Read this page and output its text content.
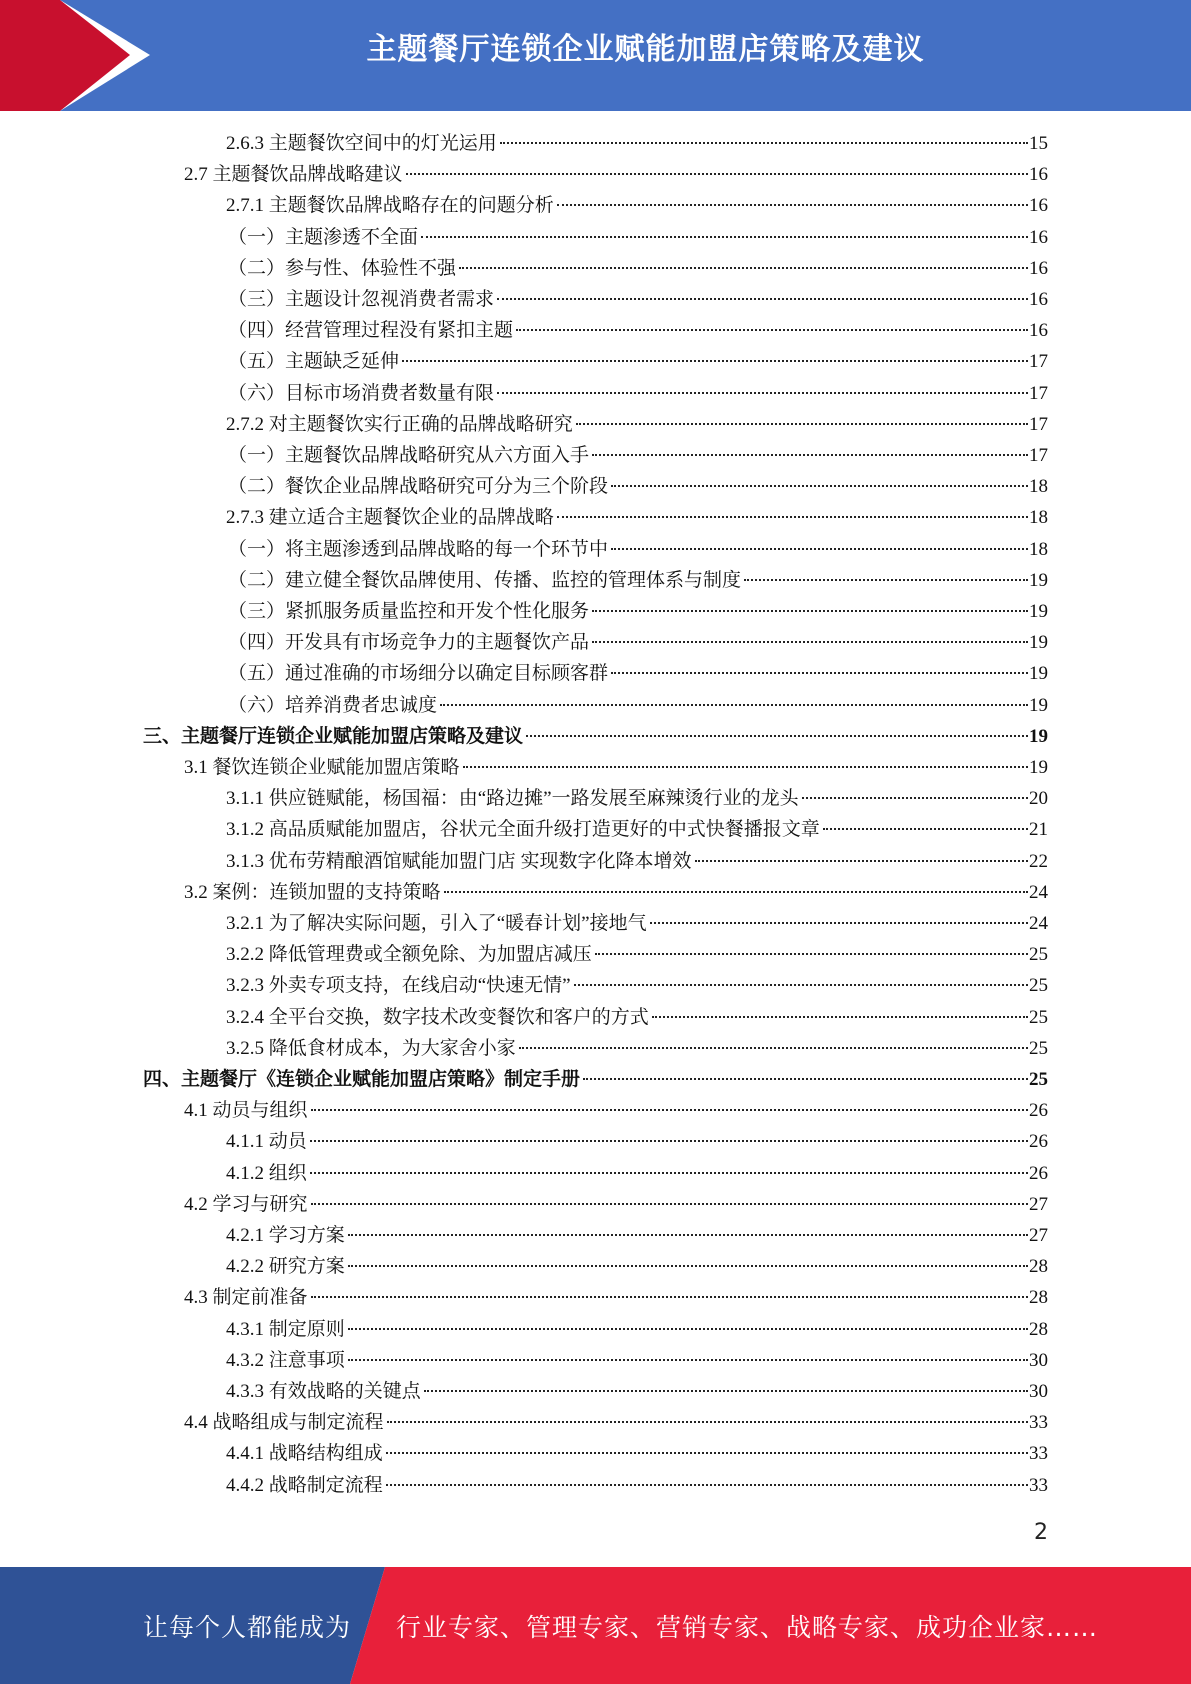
主题餐厅连锁企业赋能加盟店策略及建议
2.6.3 主题餐饮空间中的灯光运用	15
2.7 主题餐饮品牌战略建议	16
2.7.1 主题餐饮品牌战略存在的问题分析	16
（一）主题渗透不全面	16
（二）参与性、体验性不强	16
（三）主题设计忽视消费者需求	16
（四）经营管理过程没有紧扣主题	16
（五）主题缺乏延伸	17
（六）目标市场消费者数量有限	17
2.7.2 对主题餐饮实行正确的品牌战略研究	17
（一）主题餐饮品牌战略研究从六方面入手	17
（二）餐饮企业品牌战略研究可分为三个阶段	18
2.7.3 建立适合主题餐饮企业的品牌战略	18
（一）将主题渗透到品牌战略的每一个环节中	18
（二）建立健全餐饮品牌使用、传播、监控的管理体系与制度	19
（三）紧抓服务质量监控和开发个性化服务	19
（四）开发具有市场竞争力的主题餐饮产品	19
（五）通过准确的市场细分以确定目标顾客群	19
（六）培养消费者忠诚度	19
三、主题餐厅连锁企业赋能加盟店策略及建议	19
3.1 餐饮连锁企业赋能加盟店策略	19
3.1.1 供应链赋能，杨国福：由“路边摊”一路发展至麻辣烫行业的龙头	20
3.1.2 高品质赋能加盟店，谷状元全面升级打造更好的中式快餐播报文章	21
3.1.3 优布劳精酿酒馆赋能加盟门店 实现数字化降本增效	22
3.2 案例：连锁加盟的支持策略	24
3.2.1 为了解决实际问题，引入了“暖春计划”接地气	24
3.2.2 降低管理费或全额免除、为加盟店减压	25
3.2.3 外卖专项支持，在线启动“快速无情”	25
3.2.4 全平台交换，数字技术改变餐饮和客户的方式	25
3.2.5 降低食材成本，为大家舍小家	25
四、主题餐厅《连锁企业赋能加盟店策略》制定手册	25
4.1 动员与组织	26
4.1.1 动员	26
4.1.2 组织	26
4.2 学习与研究	27
4.2.1 学习方案	27
4.2.2 研究方案	28
4.3 制定前准备	28
4.3.1 制定原则	28
4.3.2 注意事项	30
4.3.3 有效战略的关键点	30
4.4 战略组成与制定流程	33
4.4.1 战略结构组成	33
4.4.2 战略制定流程	33
2
让每个人都能成为 行业专家、管理专家、营销专家、战略专家、成功企业家……
